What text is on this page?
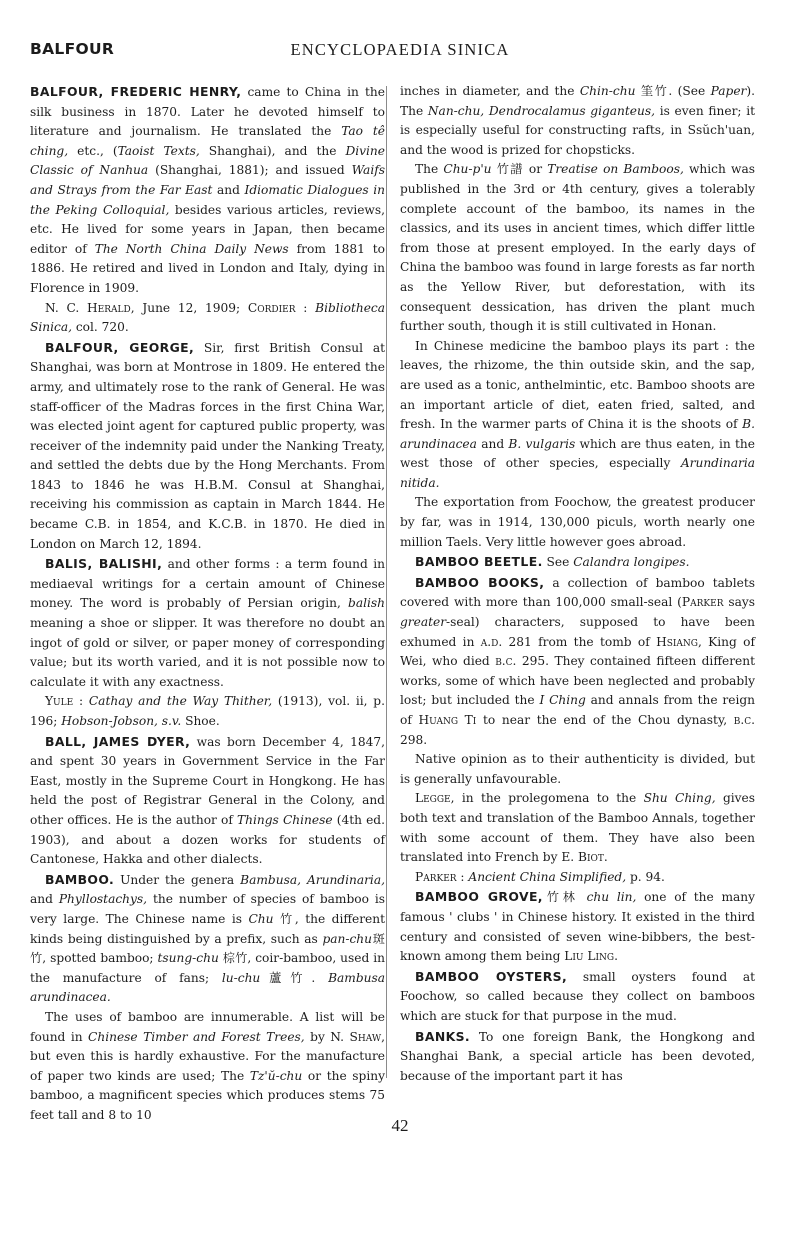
BALFOUR	ENCYCLOPAEDIA SINICA

BALFOUR, FREDERIC HENRY, came to China in the silk business in 1870. Later he devoted himself to literature and journalism. He translated the Tao tê ching, etc., (Taoist Texts, Shanghai), and the Divine Classic of Nanhua (Shanghai, 1881); and issued Waifs and Strays from the Far East and Idiomatic Dialogues in the Peking Colloquial, besides various articles, reviews, etc. He lived for some years in Japan, then became editor of The North China Daily News from 1881 to 1886. He retired and lived in London and Italy, dying in Florence in 1909.

N. C. Herald, June 12, 1909; Cordier : Bibliotheca Sinica, col. 720.

BALFOUR, GEORGE, Sir, first British Consul at Shanghai, was born at Montrose in 1809. He entered the army, and ultimately rose to the rank of General. He was staff-officer of the Madras forces in the first China War, was elected joint agent for captured public property, was receiver of the indemnity paid under the Nanking Treaty, and settled the debts due by the Hong Merchants. From 1843 to 1846 he was H.B.M. Consul at Shanghai, receiving his commission as captain in March 1844. He became C.B. in 1854, and K.C.B. in 1870. He died in London on March 12, 1894.

BALIS, BALISHI, and other forms : a term found in mediaeval writings for a certain amount of Chinese money. The word is probably of Persian origin, balish meaning a shoe or slipper. It was therefore no doubt an ingot of gold or silver, or paper money of corresponding value; but its worth varied, and it is not possible now to calculate it with any exactness.

Yule : Cathay and the Way Thither, (1913), vol. ii, p. 196; Hobson-Jobson, s.v. Shoe.

BALL, JAMES DYER, was born December 4, 1847, and spent 30 years in Government Service in the Far East, mostly in the Supreme Court in Hongkong. He has held the post of Registrar General in the Colony, and other offices. He is the author of Things Chinese (4th ed. 1903), and about a dozen works for students of Cantonese, Hakka and other dialects.

BAMBOO. Under the genera Bambusa, Arundinaria, and Phyllostachys, the number of species of bamboo is very large. The Chinese name is Chu 竹, the different kinds being distinguished by a prefix, such as pan-chu斑竹, spotted bamboo; tsung-chu 棕竹, coir-bamboo, used in the manufacture of fans; lu-chu蘆竹. Bambusa arundinacea.

The uses of bamboo are innumerable. A list will be found in Chinese Timber and Forest Trees, by N. Shaw, but even this is hardly exhaustive. For the manufacture of paper two kinds are used; The Tz'ŭ-chu or the spiny bamboo, a magnificent species which produces stems 75 feet tall and 8 to 10

inches in diameter, and the Chin-chu 筀竹. (See Paper). The Nan-chu, Dendrocalamus giganteus, is even finer; it is especially useful for constructing rafts, in Ssŭch'uan, and the wood is prized for chopsticks.

The Chu-p'u 竹譜 or Treatise on Bamboos, which was published in the 3rd or 4th century, gives a tolerably complete account of the bamboo, its names in the classics, and its uses in ancient times, which differ little from those at present employed. In the early days of China the bamboo was found in large forests as far north as the Yellow River, but deforestation, with its consequent dessication, has driven the plant much further south, though it is still cultivated in Honan.

In Chinese medicine the bamboo plays its part : the leaves, the rhizome, the thin outside skin, and the sap, are used as a tonic, anthelmintic, etc. Bamboo shoots are an important article of diet, eaten fried, salted, and fresh. In the warmer parts of China it is the shoots of B. arundinacea and B. vulgaris which are thus eaten, in the west those of other species, especially Arundinaria nitida.

The exportation from Foochow, the greatest producer by far, was in 1914, 130,000 piculs, worth nearly one million Taels. Very little however goes abroad.

BAMBOO BEETLE. See Calandra longipes.

BAMBOO BOOKS, a collection of bamboo tablets covered with more than 100,000 small-seal (Parker says greater-seal) characters, supposed to have been exhumed in a.d. 281 from the tomb of Hsiang, King of Wei, who died b.c. 295. They contained fifteen different works, some of which have been neglected and probably lost; but included the I Ching and annals from the reign of Huang Ti to near the end of the Chou dynasty, b.c. 298.

Native opinion as to their authenticity is divided, but is generally unfavourable.

Legge, in the prolegomena to the Shu Ching, gives both text and translation of the Bamboo Annals, together with some account of them. They have also been translated into French by E. Biot.

Parker : Ancient China Simplified, p. 94.

BAMBOO GROVE,竹林 chu lin, one of the many famous ' clubs ' in Chinese history. It existed in the third century and consisted of seven wine-bibbers, the best-known among them being Liu Ling.

BAMBOO OYSTERS, small oysters found at Foochow, so called because they collect on bamboos which are stuck for that purpose in the mud.

BANKS. To one foreign Bank, the Hongkong and Shanghai Bank, a special article has been devoted, because of the important part it has

42
